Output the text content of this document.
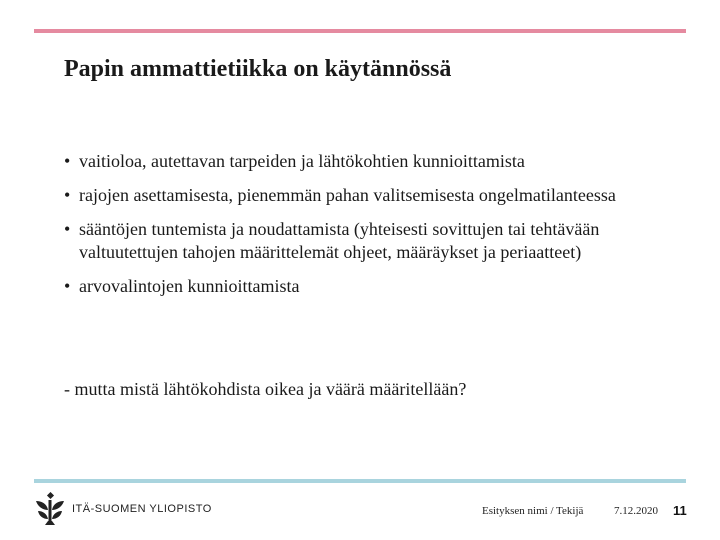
Papin ammattietiikka on käytännössä
• vaitioloa, autettavan tarpeiden ja lähtökohtien kunnioittamista
• rajojen asettamisesta, pienemmän pahan valitsemisesta ongelmatilanteessa
• sääntöjen tuntemista ja noudattamista (yhteisesti sovittujen tai tehtävään valtuutettujen tahojen määrittelemät ohjeet, määräykset ja periaatteet)
• arvovalintojen kunnioittamista
- mutta mistä lähtökohdista oikea ja väärä määritellään?
ITÄ-SUOMEN YLIOPISTO	Esityksen nimi / Tekijä	7.12.2020 11
